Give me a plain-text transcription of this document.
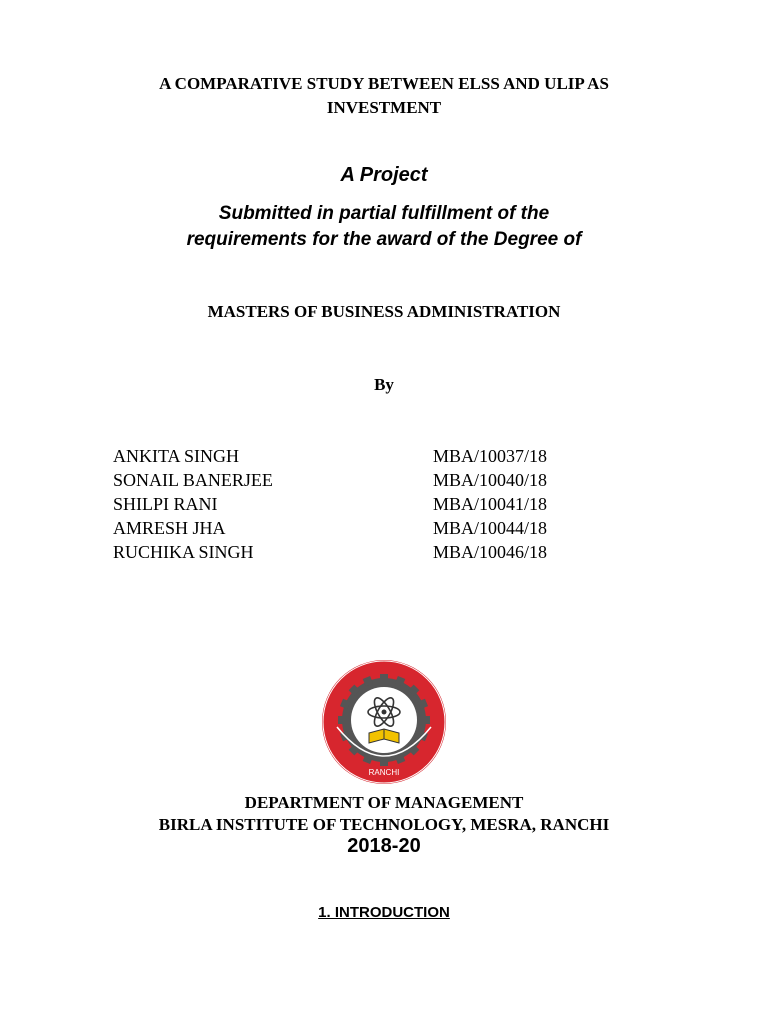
A COMPARATIVE STUDY BETWEEN ELSS AND ULIP AS
INVESTMENT
A Project
Submitted in partial fulfillment of the
requirements for the award of the Degree of
MASTERS OF BUSINESS ADMINISTRATION
By
ANKITA SINGH	MBA/10037/18
SONAIL BANERJEE	MBA/10040/18
SHILPI RANI	MBA/10041/18
AMRESH JHA	MBA/10044/18
RUCHIKA SINGH	MBA/10046/18
RANCHI
DEPARTMENT OF MANAGEMENT
BIRLA INSTITUTE OF TECHNOLOGY, MESRA, RANCHI
2018-20
1. INTRODUCTION
